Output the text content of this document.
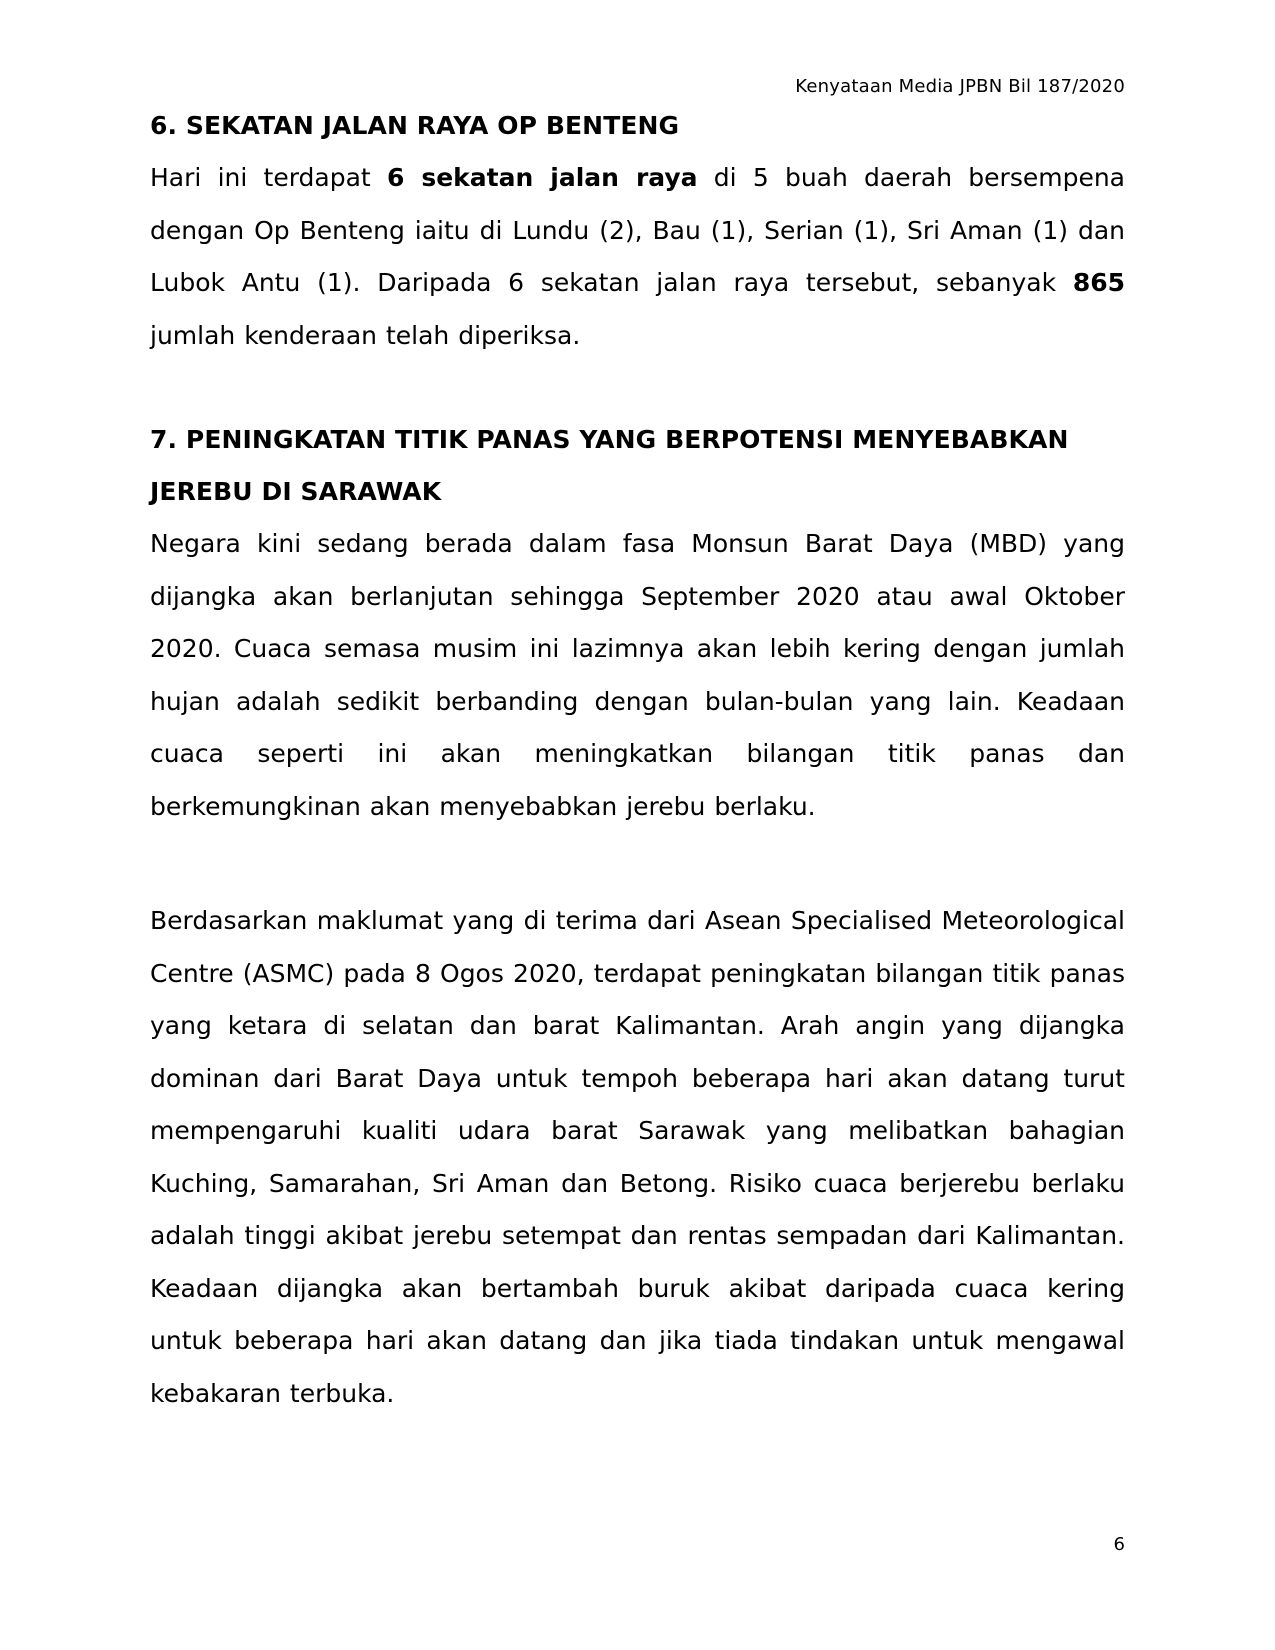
Kenyataan Media JPBN Bil 187/2020
6. SEKATAN JALAN RAYA OP BENTENG

Hari ini terdapat 6 sekatan jalan raya di 5 buah daerah bersempena dengan Op Benteng iaitu di Lundu (2), Bau (1), Serian (1), Sri Aman (1) dan Lubok Antu (1). Daripada 6 sekatan jalan raya tersebut, sebanyak 865 jumlah kenderaan telah diperiksa.

7. PENINGKATAN TITIK PANAS YANG BERPOTENSI MENYEBABKAN JEREBU DI SARAWAK

Negara kini sedang berada dalam fasa Monsun Barat Daya (MBD) yang dijangka akan berlanjutan sehingga September 2020 atau awal Oktober 2020. Cuaca semasa musim ini lazimnya akan lebih kering dengan jumlah hujan adalah sedikit berbanding dengan bulan-bulan yang lain. Keadaan cuaca seperti ini akan meningkatkan bilangan titik panas dan berkemungkinan akan menyebabkan jerebu berlaku.

Berdasarkan maklumat yang di terima dari Asean Specialised Meteorological Centre (ASMC) pada 8 Ogos 2020, terdapat peningkatan bilangan titik panas yang ketara di selatan dan barat Kalimantan. Arah angin yang dijangka dominan dari Barat Daya untuk tempoh beberapa hari akan datang turut mempengaruhi kualiti udara barat Sarawak yang melibatkan bahagian Kuching, Samarahan, Sri Aman dan Betong. Risiko cuaca berjerebu berlaku adalah tinggi akibat jerebu setempat dan rentas sempadan dari Kalimantan. Keadaan dijangka akan bertambah buruk akibat daripada cuaca kering untuk beberapa hari akan datang dan jika tiada tindakan untuk mengawal kebakaran terbuka.

6
